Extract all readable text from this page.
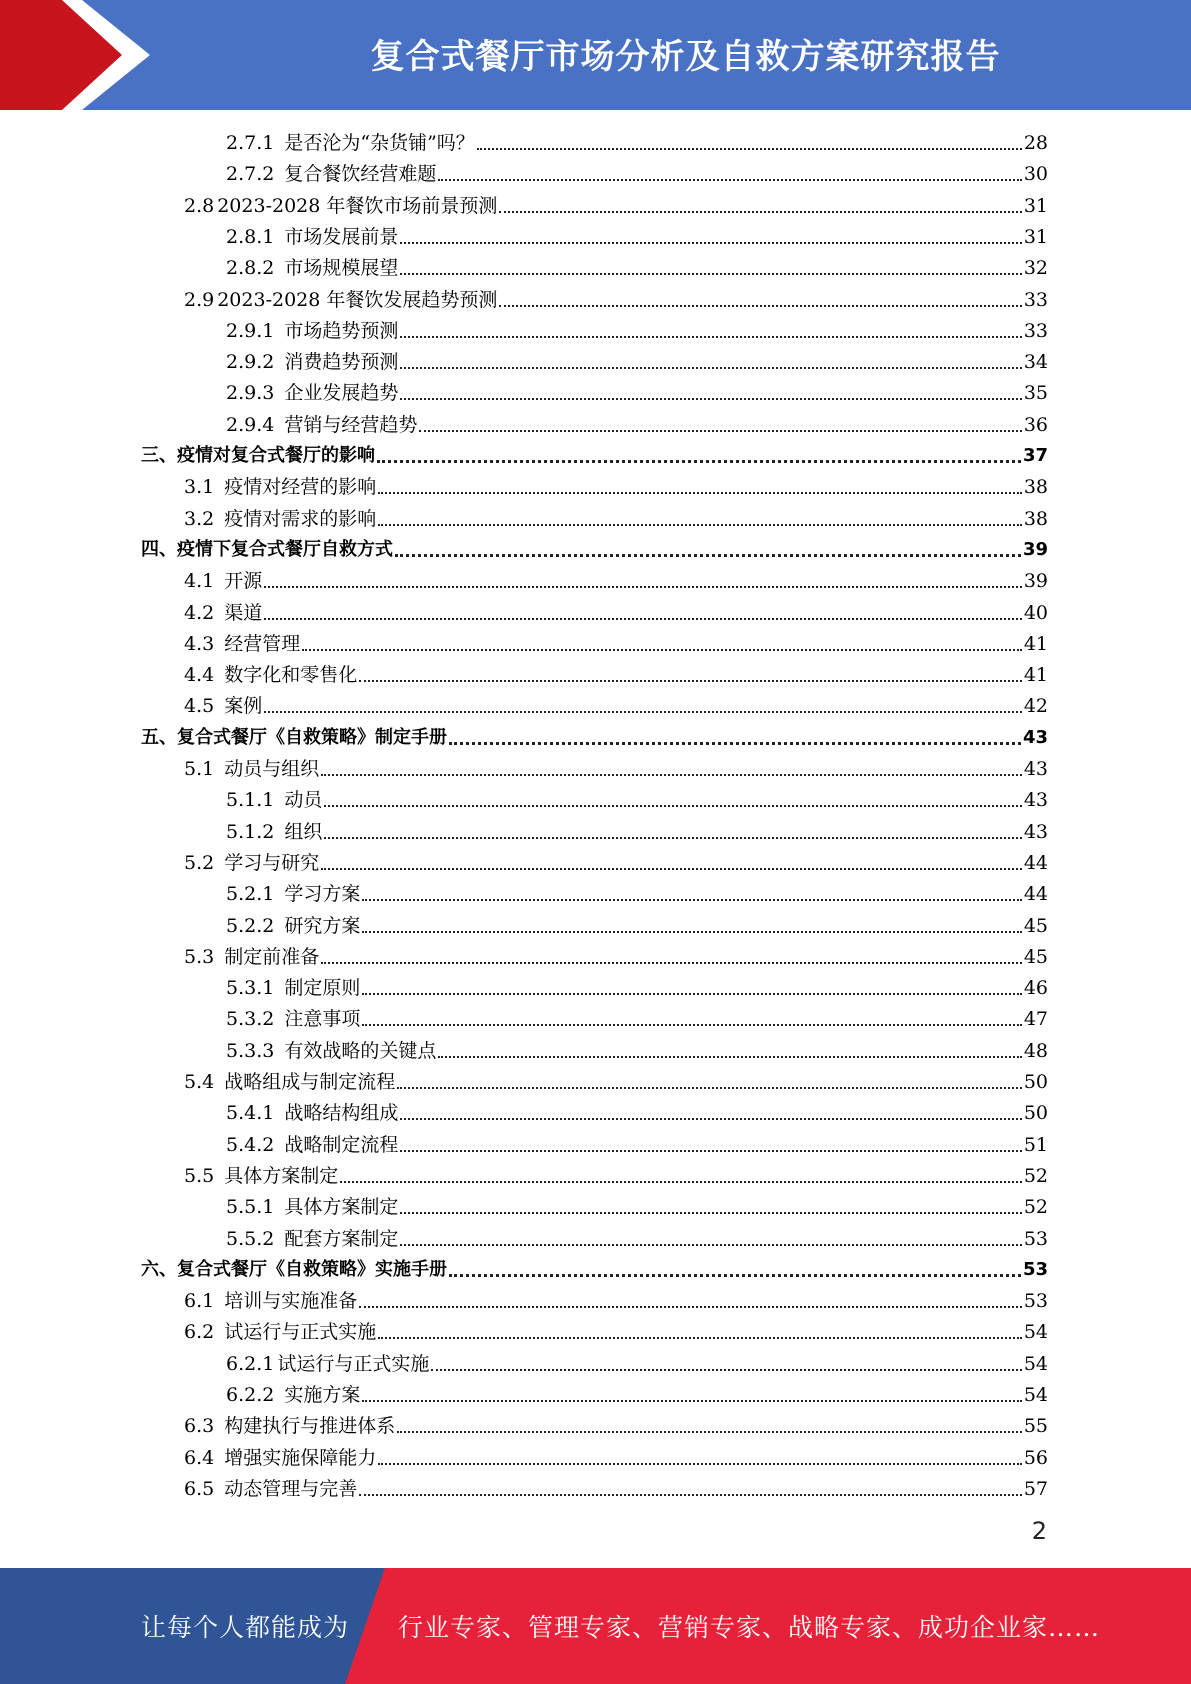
复合式餐厅市场分析及自救方案研究报告
2.7.1 是否沦为“杂货铺”吗？	28
2.7.2 复合餐饮经营难题	30
2.8 2023-2028 年餐饮市场前景预测	31
2.8.1 市场发展前景	31
2.8.2 市场规模展望	32
2.9 2023-2028 年餐饮发展趋势预测	33
2.9.1 市场趋势预测	33
2.9.2 消费趋势预测	34
2.9.3 企业发展趋势	35
2.9.4 营销与经营趋势	36
三、 疫情对复合式餐厅的影响	37
3.1 疫情对经营的影响	38
3.2 疫情对需求的影响	38
四、 疫情下复合式餐厅自救方式	39
4.1 开源	39
4.2 渠道	40
4.3 经营管理	41
4.4 数字化和零售化	41
4.5 案例	42
五、 复合式餐厅《自救策略》制定手册	43
5.1 动员与组织	43
5.1.1 动员	43
5.1.2 组织	43
5.2 学习与研究	44
5.2.1 学习方案	44
5.2.2 研究方案	45
5.3 制定前准备	45
5.3.1 制定原则	46
5.3.2 注意事项	47
5.3.3 有效战略的关键点	48
5.4 战略组成与制定流程	50
5.4.1 战略结构组成	50
5.4.2 战略制定流程	51
5.5 具体方案制定	52
5.5.1 具体方案制定	52
5.5.2 配套方案制定	53
六、 复合式餐厅《自救策略》实施手册	53
6.1 培训与实施准备	53
6.2 试运行与正式实施	54
6.2.1 试运行与正式实施	54
6.2.2 实施方案	54
6.3 构建执行与推进体系	55
6.4 增强实施保障能力	56
6.5 动态管理与完善	57
2
让每个人都能成为 行业专家、管理专家、营销专家、战略专家、成功企业家……
